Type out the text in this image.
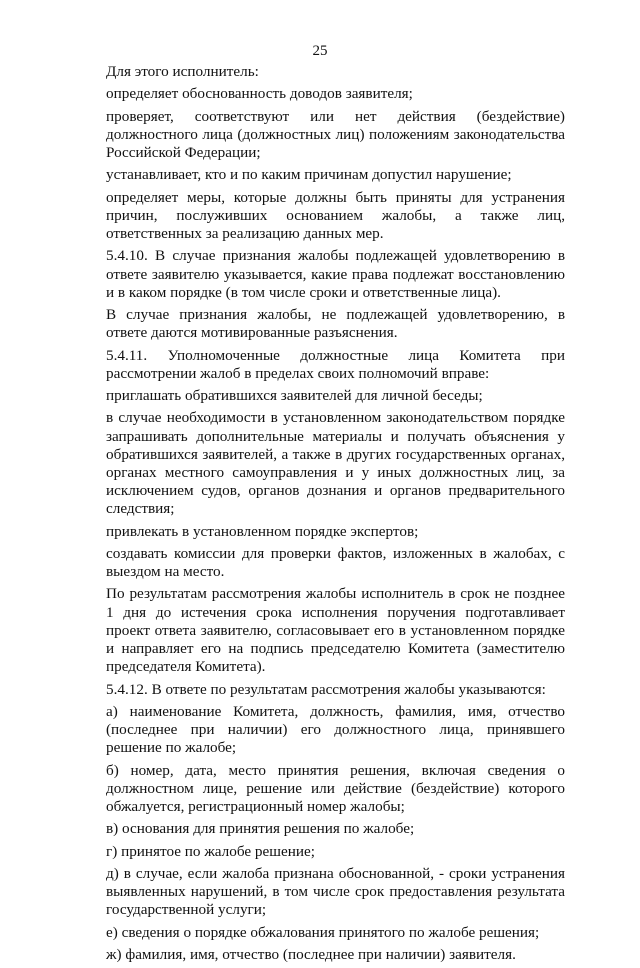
25

Для этого исполнитель:

определяет обоснованность доводов заявителя;

проверяет, соответствуют или нет действия (бездействие) должностного лица (должностных лиц) положениям законодательства Российской Федерации;

устанавливает, кто и по каким причинам допустил нарушение;

определяет меры, которые должны быть приняты для устранения причин, послуживших основанием жалобы, а также лиц, ответственных за реализацию данных мер.

5.4.10. В случае признания жалобы подлежащей удовлетворению в ответе заявителю указывается, какие права подлежат восстановлению и в каком порядке (в том числе сроки и ответственные лица).

В случае признания жалобы, не подлежащей удовлетворению, в ответе даются мотивированные разъяснения.

5.4.11. Уполномоченные должностные лица Комитета при рассмотрении жалоб в пределах своих полномочий вправе:

приглашать обратившихся заявителей для личной беседы;

в случае необходимости в установленном законодательством порядке запрашивать дополнительные материалы и получать объяснения у обратившихся заявителей, а также в других государственных органах, органах местного самоуправления и у иных должностных лиц, за исключением судов, органов дознания и органов предварительного следствия;

привлекать в установленном порядке экспертов;

создавать комиссии для проверки фактов, изложенных в жалобах, с выездом на место.

По результатам рассмотрения жалобы исполнитель в срок не позднее 1 дня до истечения срока исполнения поручения подготавливает проект ответа заявителю, согласовывает его в установленном порядке и направляет его на подпись председателю Комитета (заместителю председателя Комитета).

5.4.12. В ответе по результатам рассмотрения жалобы указываются:

а) наименование Комитета, должность, фамилия, имя, отчество (последнее при наличии) его должностного лица, принявшего решение по жалобе;

б) номер, дата, место принятия решения, включая сведения о должностном лице, решение или действие (бездействие) которого обжалуется, регистрационный номер жалобы;

в) основания для принятия решения по жалобе;

г) принятое по жалобе решение;

д) в случае, если жалоба признана обоснованной, - сроки устранения выявленных нарушений, в том числе срок предоставления результата государственной услуги;

е) сведения о порядке обжалования принятого по жалобе решения;

ж) фамилия, имя, отчество (последнее при наличии) заявителя.
